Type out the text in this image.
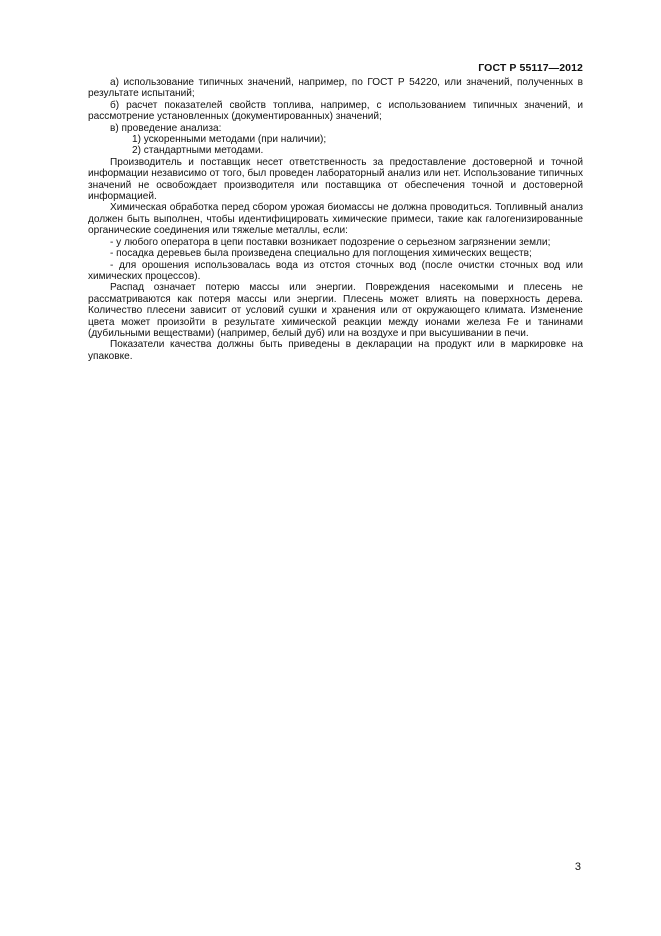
ГОСТ Р 55117—2012

а) использование типичных значений, например, по ГОСТ Р 54220, или значений, полученных в результате испытаний;

б) расчет показателей свойств топлива, например, с использованием типичных значений, и рассмотрение установленных (документированных) значений;

в) проведение анализа:

1) ускоренными методами (при наличии);

2) стандартными методами.

Производитель и поставщик несет ответственность за предоставление достоверной и точной информации независимо от того, был проведен лабораторный анализ или нет. Использование типичных значений не освобождает производителя или поставщика от обеспечения точной и достоверной информацией.

Химическая обработка перед сбором урожая биомассы не должна проводиться. Топливный анализ должен быть выполнен, чтобы идентифицировать химические примеси, такие как галогенизированные органические соединения или тяжелые металлы, если:

- у любого оператора в цепи поставки возникает подозрение о серьезном загрязнении земли;

- посадка деревьев была произведена специально для поглощения химических веществ;

- для орошения использовалась вода из отстоя сточных вод (после очистки сточных вод или химических процессов).

Распад означает потерю массы или энергии. Повреждения насекомыми и плесень не рассматриваются как потеря массы или энергии. Плесень может влиять на поверхность дерева. Количество плесени зависит от условий сушки и хранения или от окружающего климата. Изменение цвета может произойти в результате химической реакции между ионами железа Fe и танинами (дубильными веществами) (например, белый дуб) или на воздухе и при высушивании в печи.

Показатели качества должны быть приведены в декларации на продукт или в маркировке на упаковке.

3
